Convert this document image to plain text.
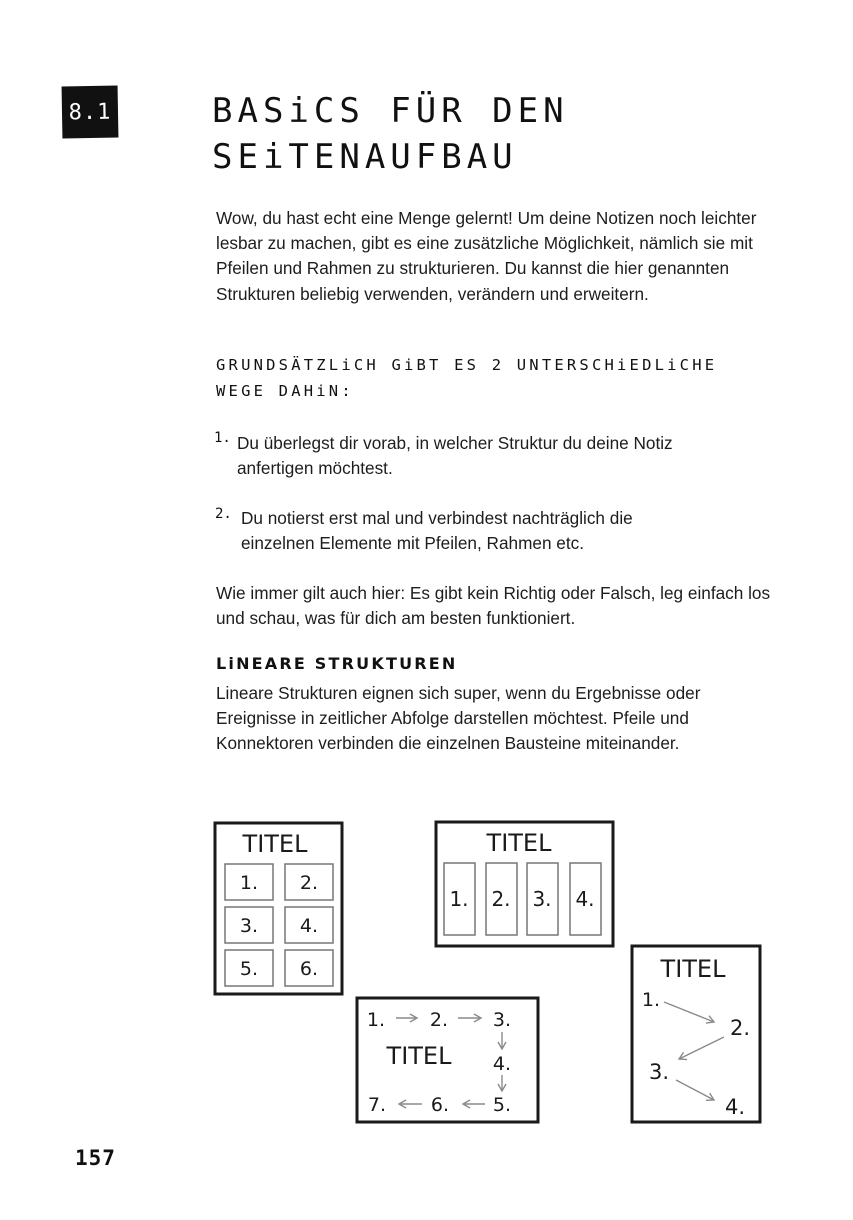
8.1	BASiCS FÜR DEN
SEiTENAUFBAU
Wow, du hast echt eine Menge gelernt! Um deine Notizen noch leichter lesbar zu machen, gibt es eine zusätzliche Möglichkeit, nämlich sie mit Pfeilen und Rahmen zu strukturieren. Du kannst die hier genannten Strukturen beliebig verwenden, verändern und erweitern.
GRUNDSÄTZLiCH GiBT ES 2 UNTERSCHiEDLiCHE
WEGE DAHiN:
1. Du überlegst dir vorab, in welcher Struktur du deine Notiz
anfertigen möchtest.
2. Du notierst erst mal und verbindest nachträglich die
einzelnen Elemente mit Pfeilen, Rahmen etc.
Wie immer gilt auch hier: Es gibt kein Richtig oder Falsch, leg einfach los und schau, was für dich am besten funktioniert.
LiNEARE STRUKTUREN
Lineare Strukturen eignen sich super, wenn du Ergebnisse oder Ereignisse in zeitlicher Abfolge darstellen möchtest. Pfeile und Konnektoren verbinden die einzelnen Bausteine miteinander.
TITEL
1. 2.
3. 4.
5. 6.
TITEL
1. 2. 3. 4.
1. 2. 3.
TITEL 4.
5.
6.
7.
TITEL
1.
2.
3.
4.
157
